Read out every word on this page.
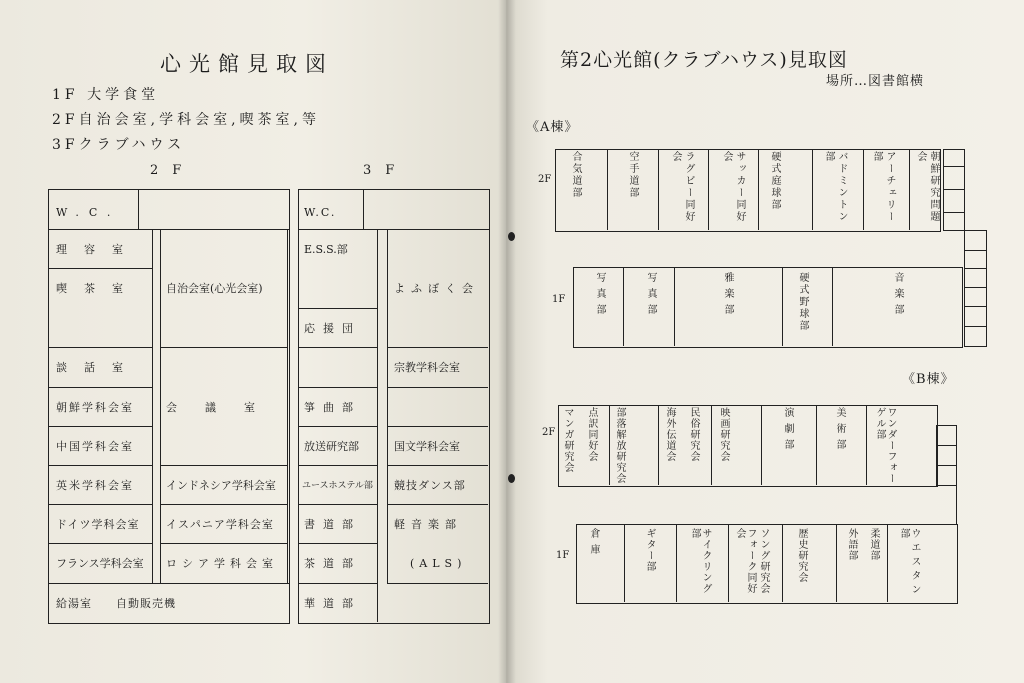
心光館見取図
1F 大学食堂
2F自治会室,学科会室,喫茶室,等
3Fクラブハウス
2F	3F
W.C.
理容室
喫茶室
談話室
朝鮮学科会室
中国学科会室
英米学科会室
ドイツ学科会室
フランス学科会室
自治会室(心光会室)
会議室
インドネシア学科会室
イスパニア学科会室
ロシア学科会室
給湯室　　自動販売機
W.C.
E.S.S.部
応援団
箏曲部
放送研究部
ユースホステル部
書道部
茶道部
華道部
よふぼく会
宗教学科会室
国文学科会室
競技ダンス部
軽音楽部
(ALS)
第2心光館(クラブハウス)見取図
場所…図書館横
《A棟》
《B棟》
2F 合気道部	空手道部	ラグビー同好会	サッカー同好会	硬式庭球部	バドミントン部	アーチェリー部	朝鮮研究問題会
1F	写真部	写真部	雅楽部	硬式野球部	音楽部
2F マンガ研究会 点訳同好会 部落解放研究会	海外伝道会 民俗研究会 映画研究会	演劇部	美術部	ワンダーフォーゲル部
1F 倉庫	ギター部	サイクリング部	フォーク同好会	ソング研究会	歴史研究会	外語部 柔道部	ウエスタン部
